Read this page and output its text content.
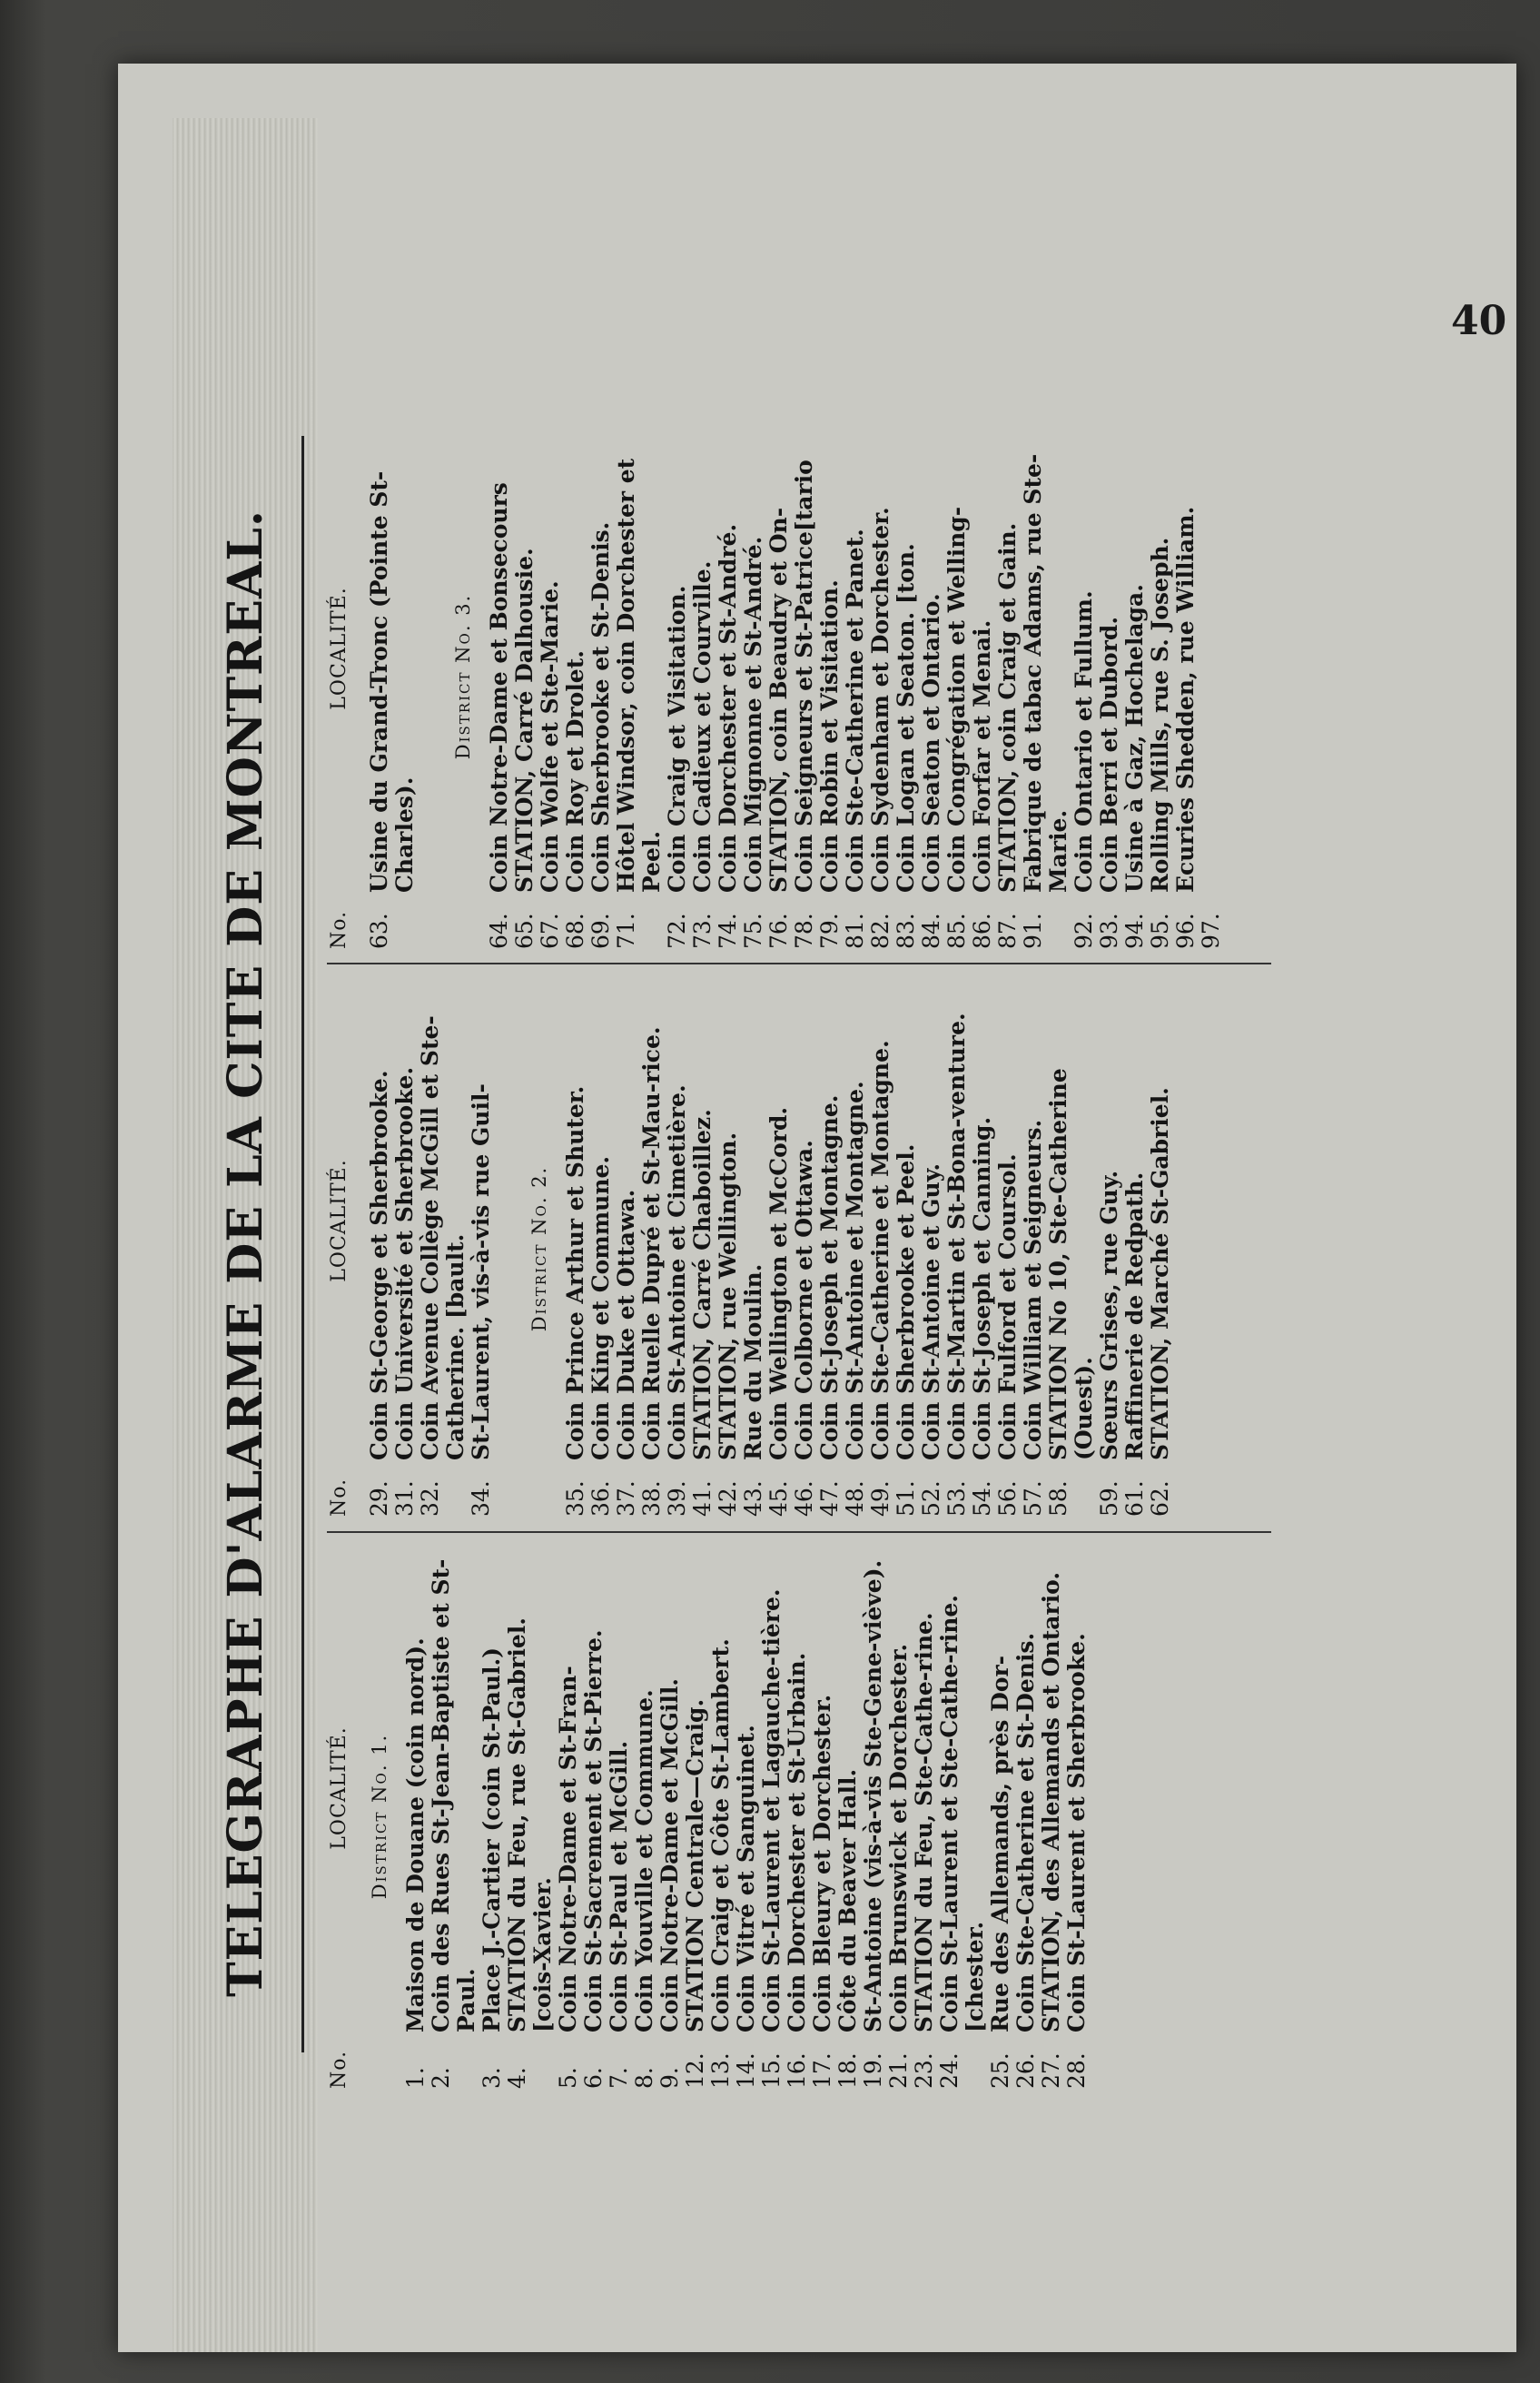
40
TELEGRAPHE D'ALARME DE LA CITE DE MONTREAL.
No.
LOCALITÉ. District No. 1.
1.
Maison de Douane (coin nord).
2.
Coin des Rues St-Jean-Baptiste et St-Paul.
3.
Place J.-Cartier (coin St-Paul.)
4.
STATION du Feu, rue St-Gabriel. [cois-Xavier.
5.
Coin Notre-Dame et St-Fran-
6.
Coin St-Sacrement et St-Pierre.
7.
Coin St-Paul et McGill.
8.
Coin Youville et Commune.
9.
Coin Notre-Dame et McGill.
12.
STATION Centrale—Craig.
13.
Coin Craig et Côte St-Lambert.
14.
Coin Vitré et Sanguinet.
15.
Coin St-Laurent et Lagauche-tière.
16.
Coin Dorchester et St-Urbain.
17.
Coin Bleury et Dorchester.
18.
Côte du Beaver Hall.
19.
St-Antoine (vis-à-vis Ste-Gene-viève).
21.
Coin Brunswick et Dorchester.
23.
STATION du Feu, Ste-Cathe-rine.
24.
Coin St-Laurent et Ste-Cathe-rine. [chester.
25.
Rue des Allemands, près Dor-
26.
Coin Ste-Catherine et St-Denis.
27.
STATION, des Allemands et Ontario.
28.
Coin St-Laurent et Sherbrooke.
No.
LOCALITÉ.
29.
Coin St-George et Sherbrooke.
31.
Coin Université et Sherbrooke.
32.
Coin Avenue Collège McGill et Ste-Catherine. [bault.
34.
St-Laurent, vis-à-vis rue Guil- District No. 2.
35.
Coin Prince Arthur et Shuter.
36.
Coin King et Commune.
37.
Coin Duke et Ottawa.
38.
Coin Ruelle Dupré et St-Mau-rice.
39.
Coin St-Antoine et Cimetière.
41.
STATION, Carré Chaboillez.
42.
STATION, rue Wellington.
43.
Rue du Moulin.
45.
Coin Wellington et McCord.
46.
Coin Colborne et Ottawa.
47.
Coin St-Joseph et Montagne.
48.
Coin St-Antoine et Montagne.
49.
Coin Ste-Catherine et Montagne.
51.
Coin Sherbrooke et Peel.
52.
Coin St-Antoine et Guy.
53.
Coin St-Martin et St-Bona-venture.
54.
Coin St-Joseph et Canning.
56.
Coin Fulford et Coursol.
57.
Coin William et Seigneurs.
58.
STATION No 10, Ste-Catherine (Ouest).
59.
Sœurs Grises, rue Guy.
61.
Raffinerie de Redpath.
62.
STATION, Marché St-Gabriel.
No.
LOCALITÉ.
63.
Usine du Grand-Tronc (Pointe St-Charles).
District No. 3.
64.
Coin Notre-Dame et Bonsecours
65.
STATION, Carré Dalhousie.
67.
Coin Wolfe et Ste-Marie.
68.
Coin Roy et Drolet.
69.
Coin Sherbrooke et St-Denis.
71.
Hôtel Windsor, coin Dorchester et Peel.
72.
Coin Craig et Visitation.
73.
Coin Cadieux et Courville.
74.
Coin Dorchester et St-André.
75.
Coin Mignonne et St-André.
76.
STATION, coin Beaudry et On-
78.
Coin Seigneurs et St-Patrice[tario
79.
Coin Robin et Visitation.
81.
Coin Ste-Catherine et Panet.
82.
Coin Sydenham et Dorchester.
83.
Coin Logan et Seaton. [ton.
84.
Coin Seaton et Ontario.
85.
Coin Congrégation et Welling-
86.
Coin Forfar et Menai.
87.
STATION, coin Craig et Gain.
91.
Fabrique de tabac Adams, rue Ste-Marie.
92.
Coin Ontario et Fullum.
93.
Coin Berri et Dubord.
94.
Usine à Gaz, Hochelaga.
95.
Rolling Mills, rue S. Joseph.
96.
Ecuries Shedden, rue William.
97.
